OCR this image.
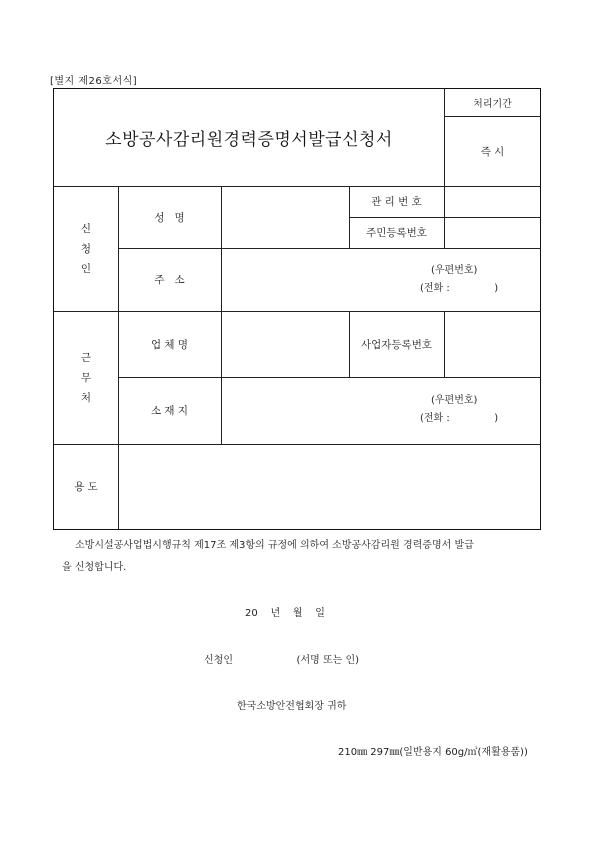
[별지 제26호서식]
소방공사감리원경력증명서발급신청서
처리기간
즉 시
신
청
인
성   명
관 리 번 호
주민등록번호
주   소
(우편번호)
(전화 :              )
근
무
처
업 체 명	사업자등록번호
소 재 지
(우편번호)
(전화 :              )
용 도
소방시설공사업법시행규칙 제17조 제3항의 규정에 의하여 소방공사감리원 경력증명서 발급
을 신청합니다.
20    년    월    일
신청인                    (서명 또는 인)
한국소방안전협회장 귀하
210㎜ 297㎜(일반용지 60g/㎡(재활용품))
